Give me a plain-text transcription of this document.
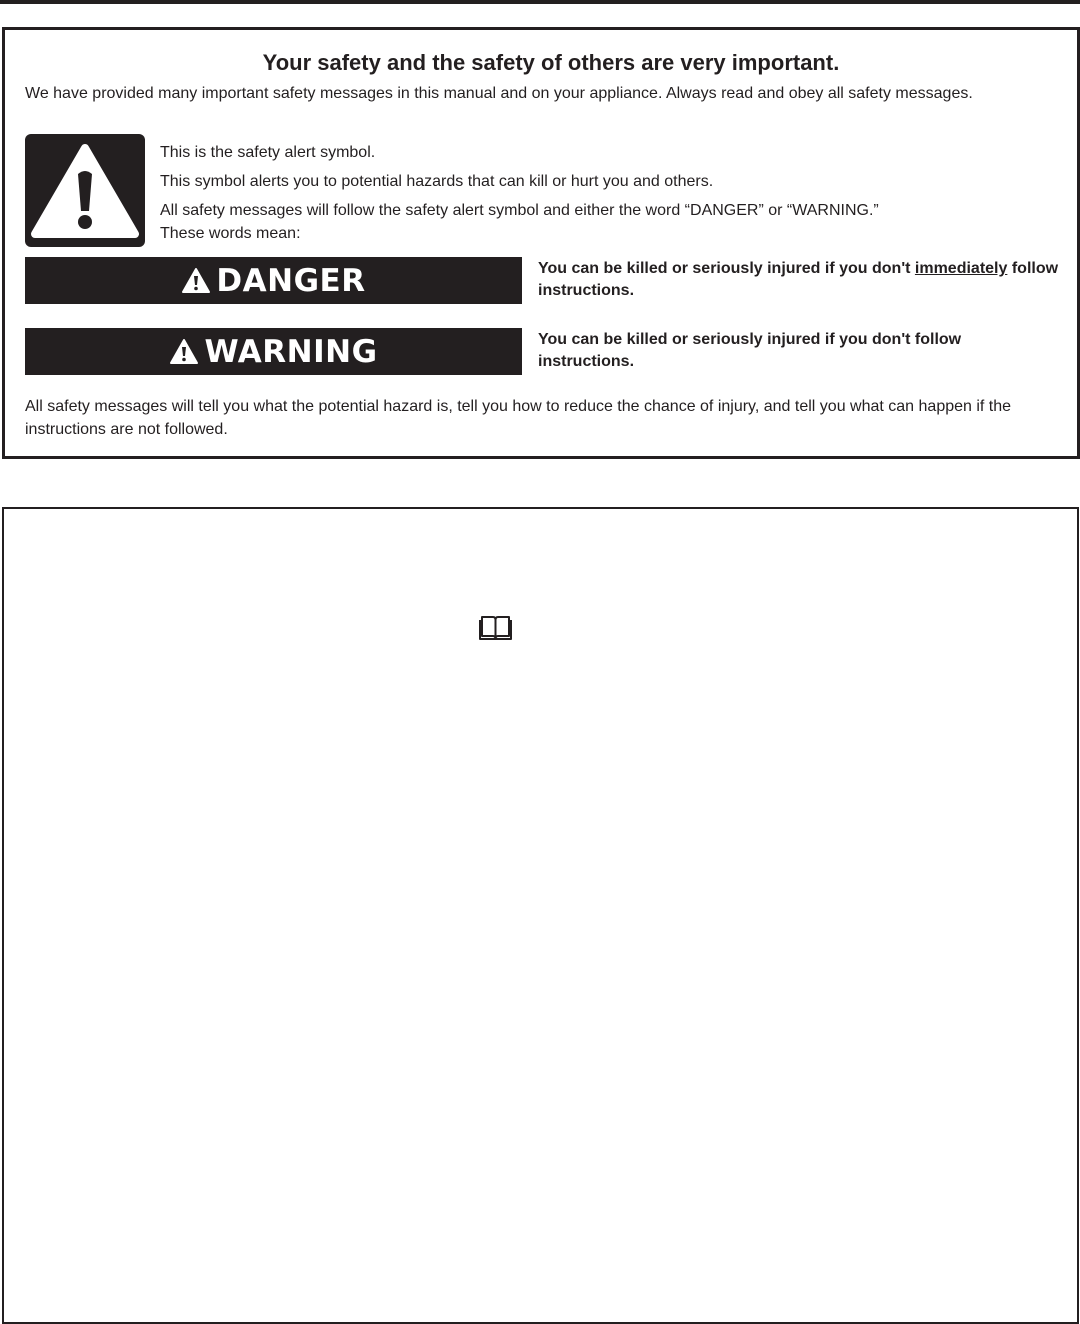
Your safety and the safety of others are very important.

We have provided many important safety messages in this manual and on your appliance. Always read and obey all safety messages.

This is the safety alert symbol.

This symbol alerts you to potential hazards that can kill or hurt you and others.

All safety messages will follow the safety alert symbol and either the word “DANGER” or “WARNING.”

These words mean:

DANGER	You can be killed or seriously injured if you don't immediately follow instructions.

WARNING	You can be killed or seriously injured if you don't follow instructions.

All safety messages will tell you what the potential hazard is, tell you how to reduce the chance of injury, and tell you what can happen if the instructions are not followed.
